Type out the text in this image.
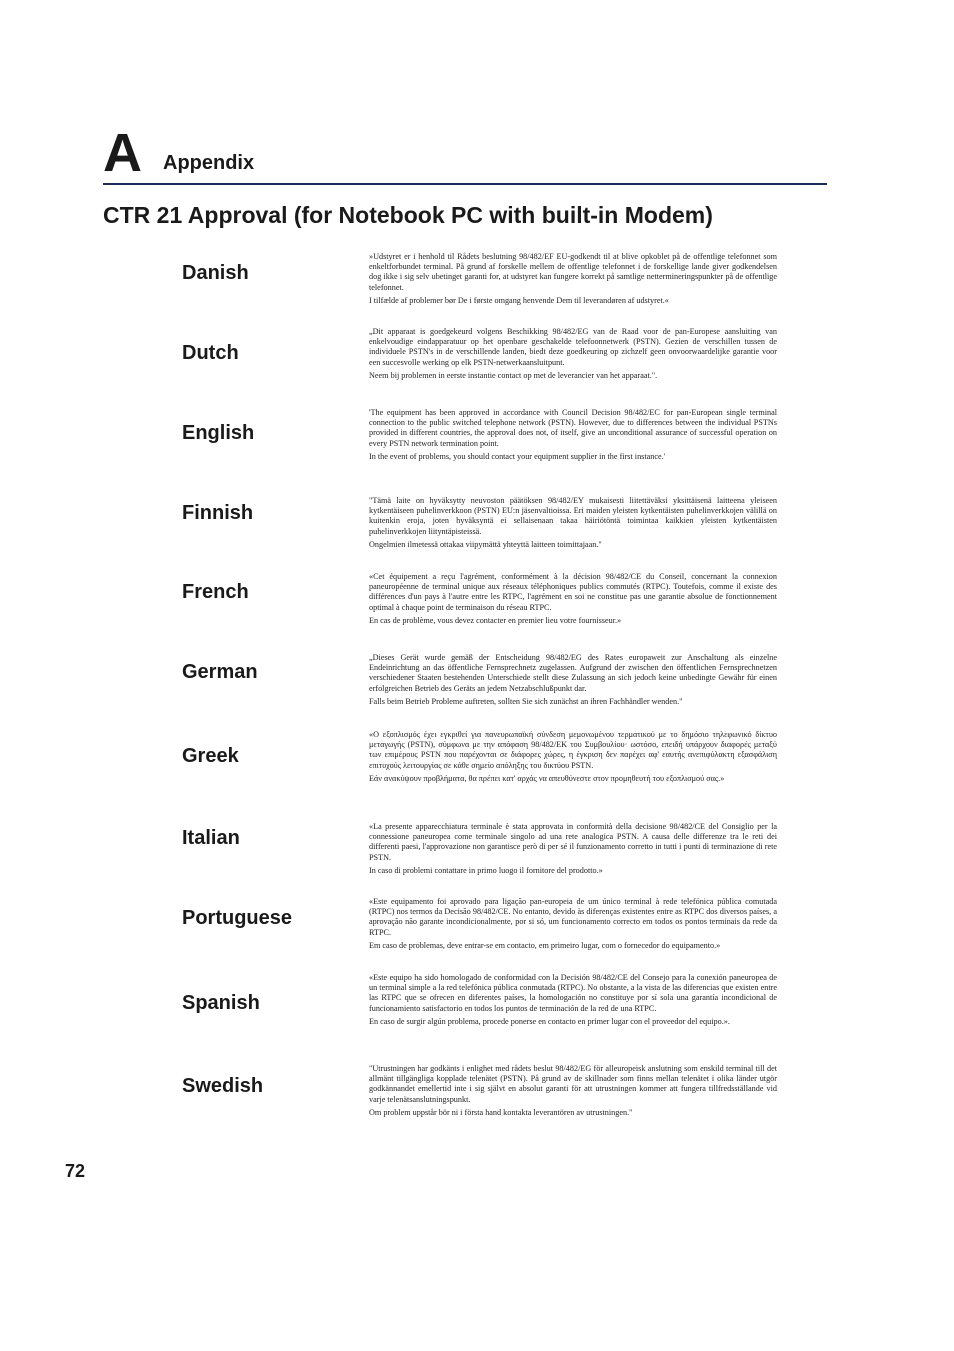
A Appendix
CTR 21 Approval (for Notebook PC with built-in Modem)
Danish

»Udstyret er i henhold til Rådets beslutning 98/482/EF EU-godkendt til at blive opkoblet på de offentlige telefonnet som enkeltforbundet terminal. På grund af forskelle mellem de offentlige telefonnet i de forskellige lande giver godkendelsen dog ikke i sig selv ubetinget garanti for, at udstyret kan fungere korrekt på samtlige nettermineringspunkter på de offentlige telefonnet.

I tilfælde af problemer bør De i første omgang henvende Dem til leverandøren af udstyret.«

Dutch

„Dit apparaat is goedgekeurd volgens Beschikking 98/482/EG van de Raad voor de pan-Europese aansluiting van enkelvoudige eindapparatuur op het openbare geschakelde telefoonnetwerk (PSTN). Gezien de verschillen tussen de individuele PSTN's in de verschillende landen, biedt deze goedkeuring op zichzelf geen onvoorwaardelijke garantie voor een succesvolle werking op elk PSTN-netwerkaansluitpunt.

Neem bij problemen in eerste instantie contact op met de leverancier van het apparaat.".

English

'The equipment has been approved in accordance with Council Decision 98/482/EC for pan-European single terminal connection to the public switched telephone network (PSTN). However, due to differences between the individual PSTNs provided in different countries, the approval does not, of itself, give an unconditional assurance of successful operation on every PSTN network termination point.

In the event of problems, you should contact your equipment supplier in the first instance.'

Finnish

"Tämä laite on hyväksytty neuvoston päätöksen 98/482/EY mukaisesti liitettäväksi yksittäisenä laitteena yleiseen kytkentäiseen puhelinverkkoon (PSTN) EU:n jäsenvaltioissa. Eri maiden yleisten kytkentäisten puhelinverkkojen välillä on kuitenkin eroja, joten hyväksyntä ei sellaisenaan takaa häiriötöntä toimintaa kaikkien yleisten kytkentäisten puhelinverkkojen liityntäpisteissä.

Ongelmien ilmetessä ottakaa viipymättä yhteyttä laitteen toimittajaan."

French

«Cet équipement a reçu l'agrément, conformément à la décision 98/482/CE du Conseil, concernant la connexion paneuropéenne de terminal unique aux réseaux téléphoniques publics commutés (RTPC). Toutefois, comme il existe des différences d'un pays à l'autre entre les RTPC, l'agrément en soi ne constitue pas une garantie absolue de fonctionnement optimal à chaque point de terminaison du réseau RTPC.

En cas de problème, vous devez contacter en premier lieu votre fournisseur.»

German

„Dieses Gerät wurde gemäß der Entscheidung 98/482/EG des Rates europaweit zur Anschaltung als einzelne Endeinrichtung an das öffentliche Fernsprechnetz zugelassen. Aufgrund der zwischen den öffentlichen Fernsprechnetzen verschiedener Staaten bestehenden Unterschiede stellt diese Zulassung an sich jedoch keine unbedingte Gewähr für einen erfolgreichen Betrieb des Geräts an jedem Netzabschlußpunkt dar.

Falls beim Betrieb Probleme auftreten, sollten Sie sich zunächst an ihren Fachhändler wenden."

Greek

«Ο εξοπλισμός έχει εγκριθεί για πανευρωπαϊκή σύνδεση μεμονωμένου τερματικού με το δημόσιο τηλεφωνικό δίκτυο μεταγωγής (PSTN), σύμφωνα με την απόφαση 98/482/ΕΚ του Συμβουλίου· ωστόσο, επειδή υπάρχουν διαφορές μεταξύ των επιμέρους PSTN που παρέχονται σε διάφορες χώρες, η έγκριση δεν παρέχει αφ' εαυτής ανεπιφύλακτη εξασφάλιση επιτυχούς λειτουργίας σε κάθε σημείο απόληξης του δικτύου PSTN.

Εάν ανακύψουν προβλήματα, θα πρέπει κατ' αρχάς να απευθύνεστε στον προμηθευτή του εξοπλισμού σας.»

Italian

«La presente apparecchiatura terminale è stata approvata in conformità della decisione 98/482/CE del Consiglio per la connessione paneuropea come terminale singolo ad una rete analogica PSTN. A causa delle differenze tra le reti dei differenti paesi, l'approvazione non garantisce però di per sé il funzionamento corretto in tutti i punti di terminazione di rete PSTN.

In caso di problemi contattare in primo luogo il fornitore del prodotto.»

Portuguese

«Este equipamento foi aprovado para ligação pan-europeia de um único terminal à rede telefónica pública comutada (RTPC) nos termos da Decisão 98/482/CE. No entanto, devido às diferenças existentes entre as RTPC dos diversos países, a aprovação não garante incondicionalmente, por si só, um funcionamento correcto em todos os pontos terminais da rede da RTPC.

Em caso de problemas, deve entrar-se em contacto, em primeiro lugar, com o fornecedor do equipamento.»

Spanish

«Este equipo ha sido homologado de conformidad con la Decisión 98/482/CE del Consejo para la conexión paneuropea de un terminal simple a la red telefónica pública conmutada (RTPC). No obstante, a la vista de las diferencias que existen entre las RTPC que se ofrecen en diferentes países, la homologación no constituye por sí sola una garantía incondicional de funcionamiento satisfactorio en todos los puntos de terminación de la red de una RTPC.

En caso de surgir algún problema, procede ponerse en contacto en primer lugar con el proveedor del equipo.».

Swedish

"Utrustningen har godkänts i enlighet med rådets beslut 98/482/EG för alleuropeisk anslutning som enskild terminal till det allmänt tillgängliga kopplade telenätet (PSTN). På grund av de skillnader som finns mellan telenätet i olika länder utgör godkännandet emellertid inte i sig självt en absolut garanti för att utrustningen kommer att fungera tillfredsställande vid varje telenätsanslutningspunkt.

Om problem uppstår bör ni i första hand kontakta leverantören av utrustningen."

72
